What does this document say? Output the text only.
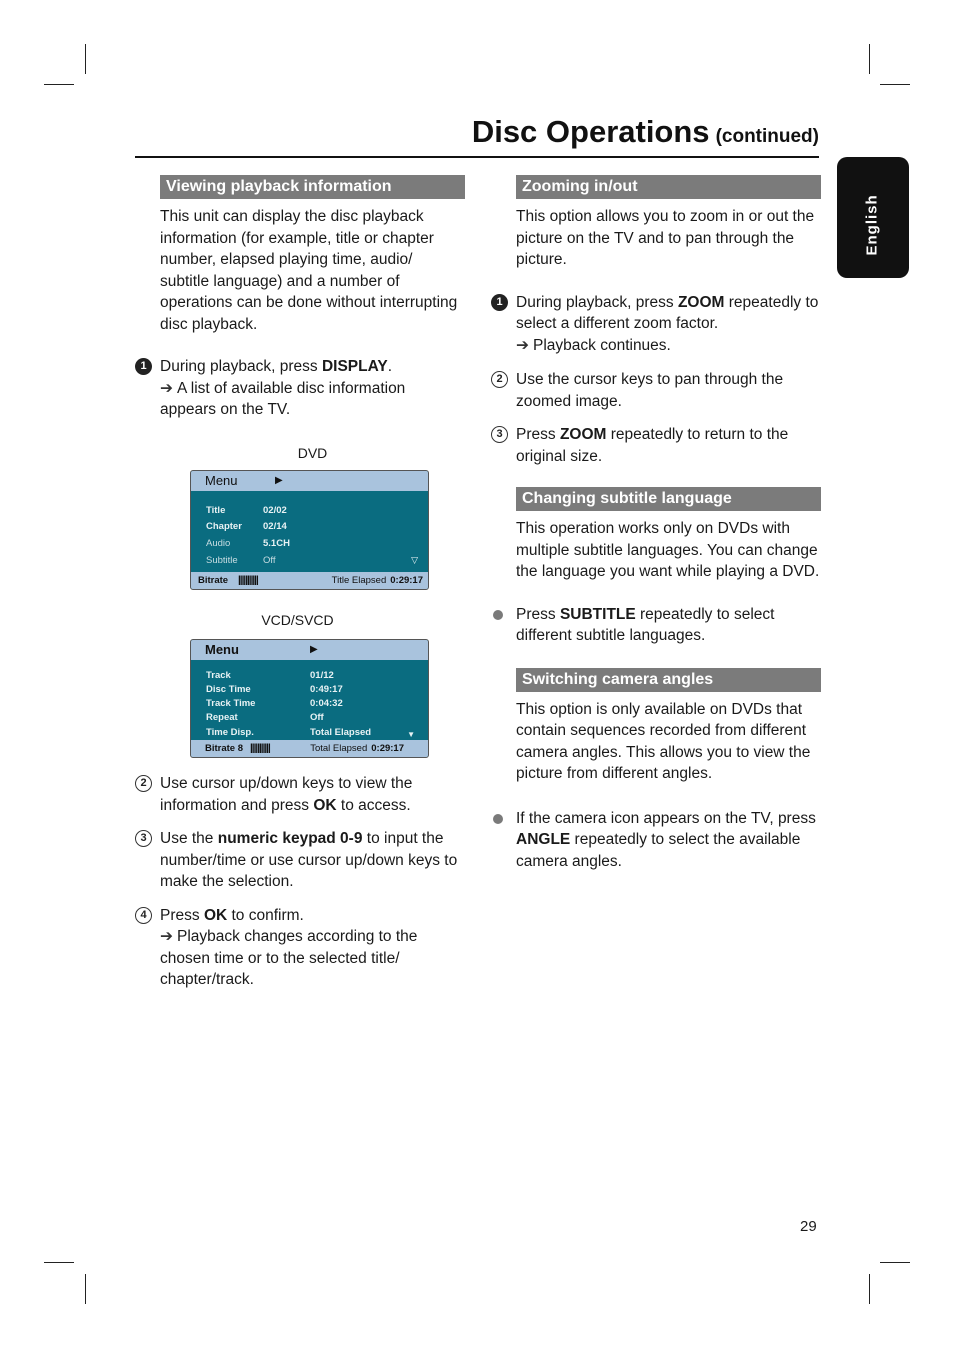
Disc Operations (continued)
English
Viewing playback information
This unit can display the disc playback information (for example, title or chapter number, elapsed playing time, audio/ subtitle language) and a number of operations can be done without interrupting disc playback.
1 During playback, press DISPLAY.
➔ A list of available disc information appears on the TV.
DVD
Menu	▶
Title	02/02
Chapter 02/14
Audio	5.1CH
Subtitle	Off	▽
Bitrate |||||||||||	Title Elapsed 0:29:17
VCD/SVCD
Menu	▶
Track	01/12
Disc Time	0:49:17
Track Time	0:04:32
Repeat	Off
Time Disp.	Total Elapsed	▼
Bitrate 8 |||||||||||	Total Elapsed 0:29:17
2 Use cursor up/down keys to view the information and press OK to access.
3 Use the numeric keypad 0-9 to input the number/time or use cursor up/down keys to make the selection.
4 Press OK to confirm.
➔ Playback changes according to the chosen time or to the selected title/ chapter/track.
Zooming in/out
This option allows you to zoom in or out the picture on the TV and to pan through the picture.
1 During playback, press ZOOM repeatedly to select a different zoom factor.
➔ Playback continues.
2 Use the cursor keys to pan through the zoomed image.
3 Press ZOOM repeatedly to return to the original size.
Changing subtitle language
This operation works only on DVDs with multiple subtitle languages. You can change the language you want while playing a DVD.
Press SUBTITLE repeatedly to select different subtitle languages.
Switching camera angles
This option is only available on DVDs that contain sequences recorded from different camera angles. This allows you to view the picture from different angles.
If the camera icon appears on the TV, press ANGLE repeatedly to select the available camera angles.
29
